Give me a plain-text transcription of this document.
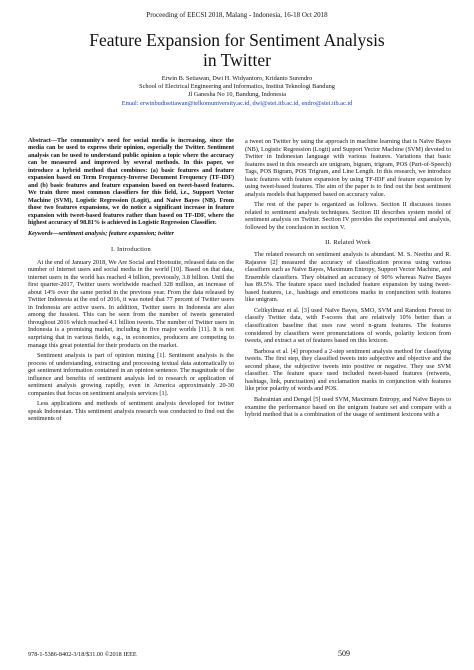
Proceeding of EECSI 2018, Malang - Indonesia, 16-18 Oct 2018
Feature Expansion for Sentiment Analysis
in Twitter
Erwin B. Setiawan, Dwi H. Widyantoro, Kridanto Surendro
School of Electrical Engineering and Informatics, Institut Teknologi Bandung
Jl Ganesha No 10, Bandung, Indonesia
Email: erwinbudisetiawan@telkomuniversity.ac.id, dwi@stei.itb.ac.id, endro@stei.itb.ac.id
Abstract—The community's need for social media is increasing, since the media can be used to express their opinion, especially the Twitter. Sentiment analysis can be used to understand public opinion a topic where the accuracy can be measured and improved by several methods. In this paper, we introduce a hybrid method that combines: (a) basic features and feature expansion based on Term Frequency-Inverse Document Frequency (TF-IDF) and (b) basic features and feature expansion based on tweet-based features. We train three most common classifiers for this field, i.e., Support Vector Machine (SVM), Logistic Regression (Logit), and Naive Bayes (NB). From those two features expansions, we do notice a significant increase in feature expansion with tweet-based features rather than based on TF-IDF, where the highest accuracy of 98.81% is achieved in Logistic Regression Classifier.
Keywords—sentiment analysis; feature expansion; twitter
I. Introduction

At the end of January 2018, We Are Social and Hootsuite, released data on the number of Internet users and social media in the world [10]. Based on that data, internet users in the world has reached 4 billion, previously, 3.8 billion. Until the first quarter-2017, Twitter users worldwide reached 328 million, an increase of about 14% over the same period in the previous year. From the data released by Twitter Indonesia at the end of 2016, it was noted that 77 percent of Twitter users in Indonesia are active users. In addition, Twitter users in Indonesia are also among the fussiest. This can be seen from the number of tweets generated throughout 2016 which reached 4.1 billion tweets. The number of Twitter users in Indonesia is a promising market, including in five major worlds [11]. It is not surprising that in various fields, e.g., in economics, producers are competing to manage this great potential for their products on the market.

Sentiment analysis is part of opinion mining [1]. Sentiment analysis is the process of understanding, extracting and processing textual data automatically to get sentiment information contained in an opinion sentence. The magnitude of the influence and benefits of sentiment analysis led to research or application of sentiment analysis growing rapidly, even in America approximately 20-30 companies that focus on sentiment analysis services [1].

Less applications and methods of sentiment analysis developed for twitter speak Indonesian. This sentiment analysis research was conducted to find out the sentiments of

a tweet on Twitter by using the approach in machine learning that is Naïve Bayes (NB), Logistic Regression (Logit) and Support Vector Machine (SVM) devoted to Twitter in Indonesian language with various features. Variations that basic features used in this research are unigram, bigram, trigram, POS (Part-of-Speech) Tags, POS Bigram, POS Trigram, and Line Length. In this research, we introduce basic features with feature expansion by using TF-IDF and feature expansion by using tweet-based features. The aim of the paper is to find out the best sentiment analysis models that happened based on accuracy value.

The rest of the paper is organized as follows. Section II discusses issues related to sentiment analysis techniques. Section III describes system model of sentiment analysis on Twitter. Section IV provides the experimental and analysis, followed by the conclusion in section V.

II. Related Work

The related research on sentiment analysis is abundant. M. S. Neethu and R. Rajasree [2] measured the accuracy of classification process using various classifiers such as Naïve Bayes, Maximum Entropy, Support Vector Machine, and Ensemble classifiers. They obtained an accuracy of 90% whereas Naïve Bayes has 89.5%. The feature space used included feature expansion by using tweet-based features, i.e., hashtags and emoticons marks in conjunction with features like unigram.

Celikyilmaz et al. [3] used Naïve Bayes, SMO, SVM and Random Forest to classify Twitter data, with F-scores that are relatively 10% better than a classification baseline that uses raw word n-gram features. The features considered by classifiers were pronunciations of words, polarity lexicon from tweets, and extract a set of features based on this lexicon.

Barbosa et al. [4] proposed a 2-step sentiment analysis method for classifying tweets. The first step, they classified tweets into subjective and objective and the second phase, the subjective tweets into positive or negative. They use SVM classifier. The feature space used included tweet-based features (retweets, hashtags, link, punctuation) and exclamation marks in conjunction with features like prior polarity of words and POS.

Bahrainian and Dengel [5] used SVM, Maximum Entropy, and Naïve Bayes to examine the performance based on the unigram feature set and compare with a hybrid method that is a combination of the usage of sentiment lexicons with a

978-1-5386-8402-3/18/$31.00 ©2018 IEEE	509
